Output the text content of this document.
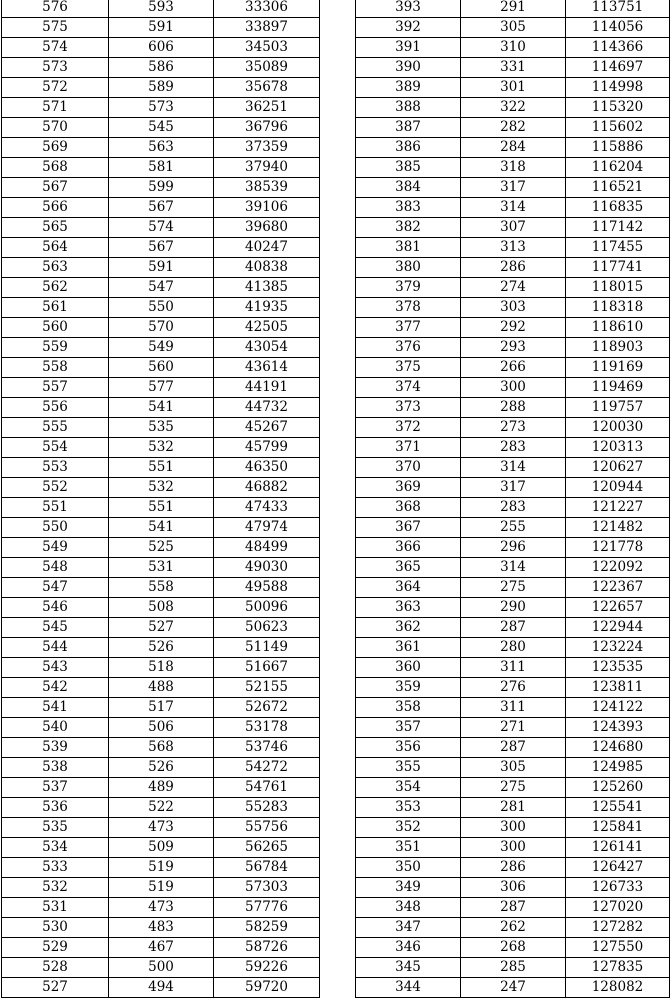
576	593	33306
575	591	33897
574	606	34503
573	586	35089
572	589	35678
571	573	36251
570	545	36796
569	563	37359
568	581	37940
567	599	38539
566	567	39106
565	574	39680
564	567	40247
563	591	40838
562	547	41385
561	550	41935
560	570	42505
559	549	43054
558	560	43614
557	577	44191
556	541	44732
555	535	45267
554	532	45799
553	551	46350
552	532	46882
551	551	47433
550	541	47974
549	525	48499
548	531	49030
547	558	49588
546	508	50096
545	527	50623
544	526	51149
543	518	51667
542	488	52155
541	517	52672
540	506	53178
539	568	53746
538	526	54272
537	489	54761
536	522	55283
535	473	55756
534	509	56265
533	519	56784
532	519	57303
531	473	57776
530	483	58259
529	467	58726
528	500	59226
527	494	59720
393	291	113751
392	305	114056
391	310	114366
390	331	114697
389	301	114998
388	322	115320
387	282	115602
386	284	115886
385	318	116204
384	317	116521
383	314	116835
382	307	117142
381	313	117455
380	286	117741
379	274	118015
378	303	118318
377	292	118610
376	293	118903
375	266	119169
374	300	119469
373	288	119757
372	273	120030
371	283	120313
370	314	120627
369	317	120944
368	283	121227
367	255	121482
366	296	121778
365	314	122092
364	275	122367
363	290	122657
362	287	122944
361	280	123224
360	311	123535
359	276	123811
358	311	124122
357	271	124393
356	287	124680
355	305	124985
354	275	125260
353	281	125541
352	300	125841
351	300	126141
350	286	126427
349	306	126733
348	287	127020
347	262	127282
346	268	127550
345	285	127835
344	247	128082
